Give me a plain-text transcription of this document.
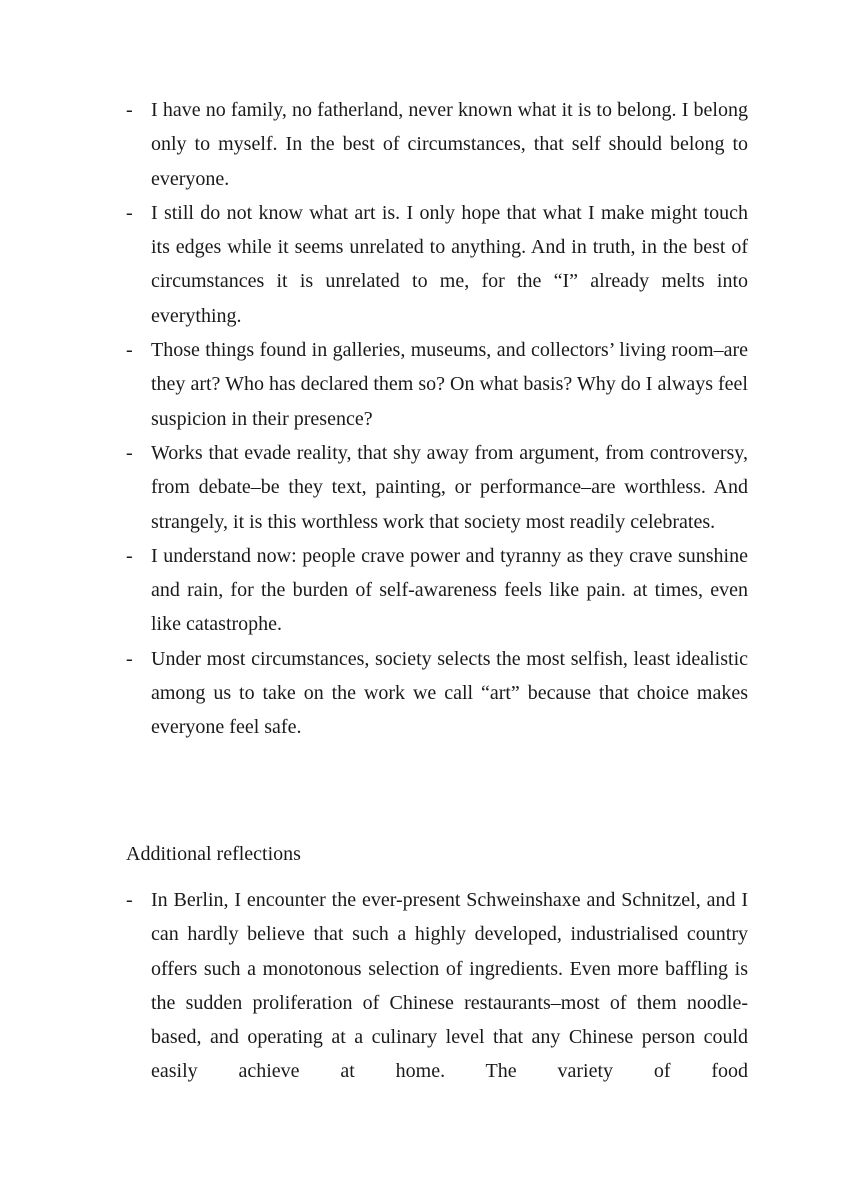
- I have no family, no fatherland, never known what it is to belong. I belong only to myself. In the best of circumstances, that self should belong to everyone.
- I still do not know what art is. I only hope that what I make might touch its edges while it seems unrelated to anything. And in truth, in the best of circumstances it is unrelated to me, for the “I” already melts into everything.
- Those things found in galleries, museums, and collectors’ living room–are they art? Who has declared them so? On what basis? Why do I always feel suspicion in their presence?
- Works that evade reality, that shy away from argument, from controversy, from debate–be they text, painting, or performance–are worthless. And strangely, it is this worthless work that society most readily celebrates.
- I understand now: people crave power and tyranny as they crave sunshine and rain, for the burden of self-awareness feels like pain. at times, even like catastrophe.
- Under most circumstances, society selects the most selfish, least idealistic among us to take on the work we call “art” because that choice makes everyone feel safe.
Additional reflections
- In Berlin, I encounter the ever-present Schweinshaxe and Schnitzel, and I can hardly believe that such a highly developed, industrialised country offers such a monotonous selection of ingredients. Even more baffling is the sudden proliferation of Chinese restaurants–most of them noodle-based, and operating at a culinary level that any Chinese person could easily achieve at home. The variety of food
